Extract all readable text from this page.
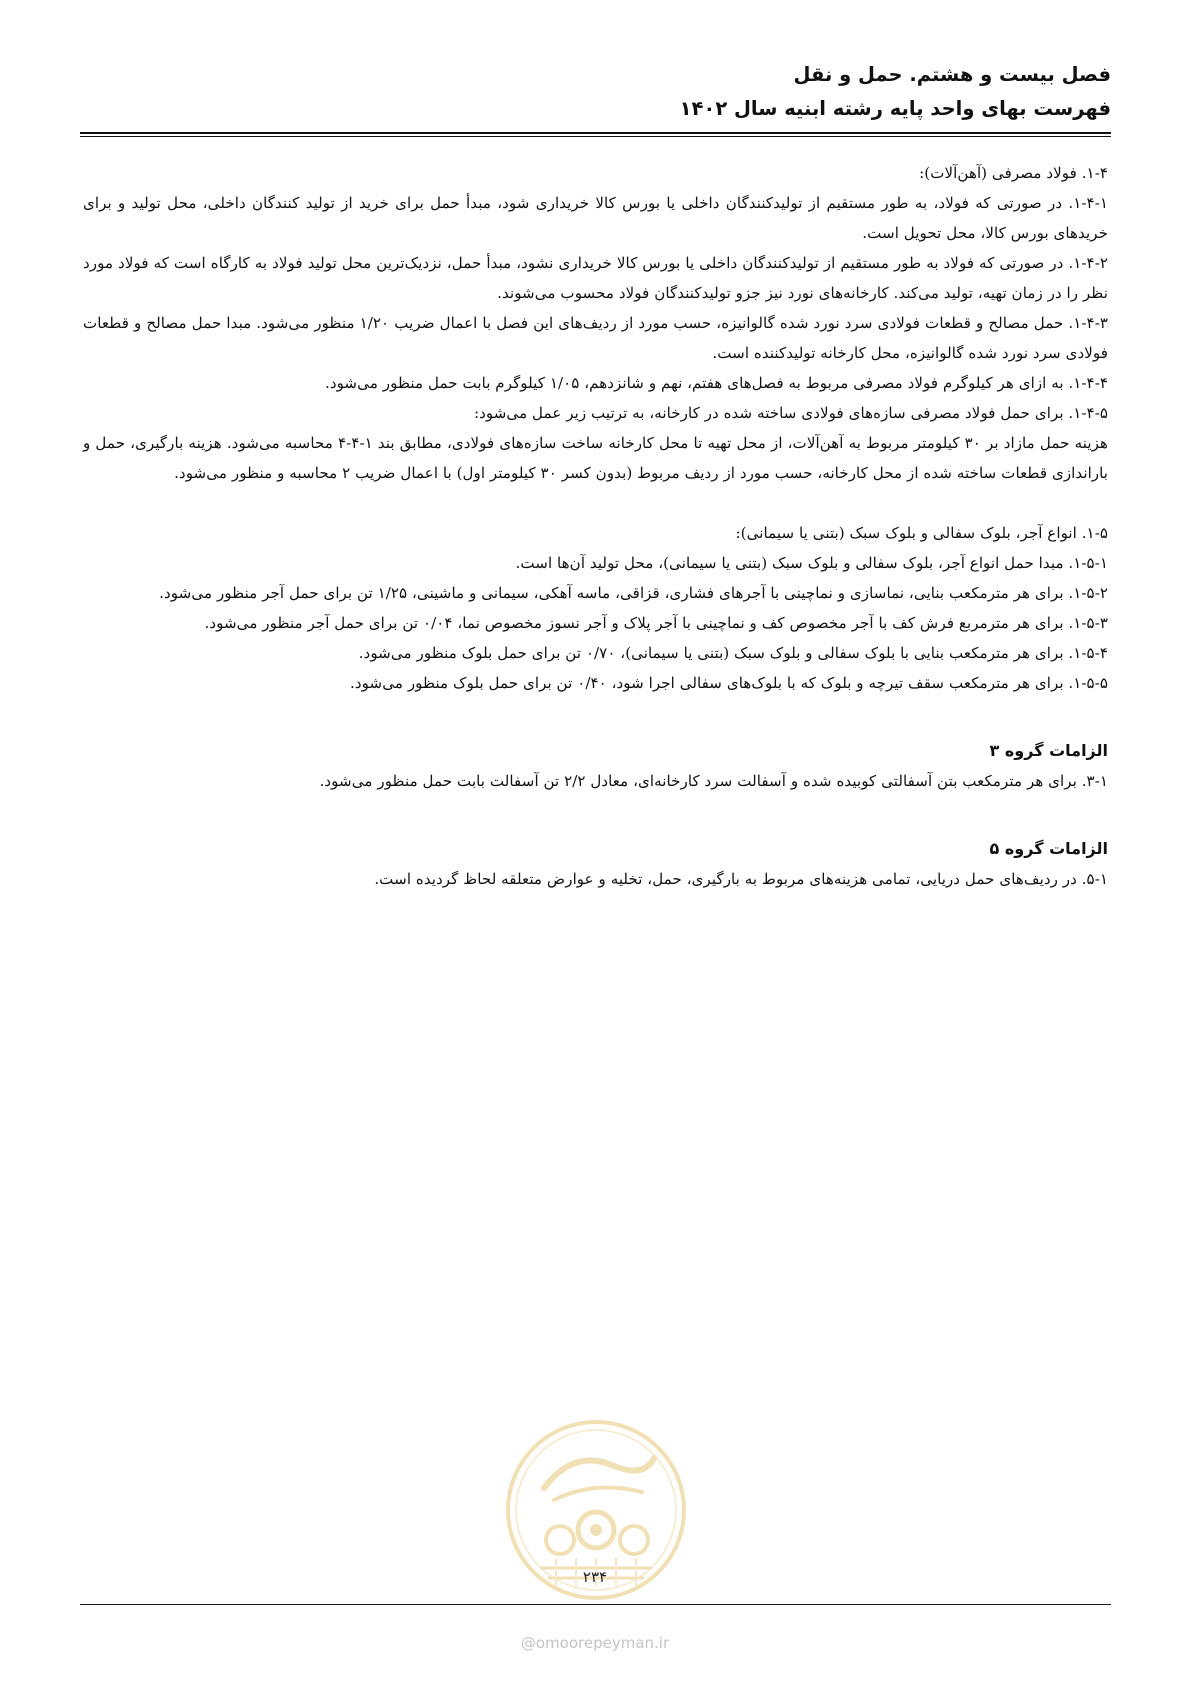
فصل بیست و هشتم. حمل و نقل
فهرست بهای واحد پایه رشته ابنیه سال ۱۴۰۲

۱-۴. فولاد مصرفی (آهن‌آلات):

۱-۴-۱. در صورتی که فولاد، به طور مستقیم از تولیدکنندگان داخلی یا بورس کالا خریداری شود، مبدأ حمل برای خرید از تولید کنندگان داخلی، محل تولید و برای خریدهای بورس کالا، محل تحویل است.

۱-۴-۲. در صورتی که فولاد به طور مستقیم از تولیدکنندگان داخلی یا بورس کالا خریداری نشود، مبدأ حمل، نزدیک‌ترین محل تولید فولاد به کارگاه است که فولاد مورد نظر را در زمان تهیه، تولید می‌کند. کارخانه‌های نورد نیز جزو تولیدکنندگان فولاد محسوب می‌شوند.

۱-۴-۳. حمل مصالح و قطعات فولادی سرد نورد شده گالوانیزه، حسب مورد از ردیف‌های این فصل با اعمال ضریب ۱/۲۰ منظور می‌شود. مبدا حمل مصالح و قطعات فولادی سرد نورد شده گالوانیزه، محل کارخانه تولیدکننده است.

۱-۴-۴. به ازای هر کیلوگرم فولاد مصرفی مربوط به فصل‌های هفتم، نهم و شانزدهم، ۱/۰۵ کیلوگرم بابت حمل منظور می‌شود.

۱-۴-۵. برای حمل فولاد مصرفی سازه‌های فولادی ساخته شده در کارخانه، به ترتیب زیر عمل می‌شود:

هزینه حمل مازاد بر ۳۰ کیلومتر مربوط به آهن‌آلات، از محل تهیه تا محل کارخانه ساخت سازه‌های فولادی، مطابق بند ۱-۴-۴ محاسبه می‌شود. هزینه بارگیری، حمل و باراندازی قطعات ساخته شده از محل کارخانه، حسب مورد از ردیف مربوط (بدون کسر ۳۰ کیلومتر اول) با اعمال ضریب ۲ محاسبه و منظور می‌شود.

۱-۵. انواع آجر، بلوک سفالی و بلوک سبک (بتنی یا سیمانی):

۱-۵-۱. مبدا حمل انواع آجر، بلوک سفالی و بلوک سبک (بتنی یا سیمانی)، محل تولید آن‌ها است.

۱-۵-۲. برای هر مترمکعب بنایی، نماسازی و نماچینی با آجرهای فشاری، قزاقی، ماسه آهکی، سیمانی و ماشینی، ۱/۲۵ تن برای حمل آجر منظور می‌شود.

۱-۵-۳. برای هر مترمربع فرش کف با آجر مخصوص کف و نماچینی با آجر پلاک و آجر نسوز مخصوص نما، ۰/۰۴ تن برای حمل آجر منظور می‌شود.

۱-۵-۴. برای هر مترمکعب بنایی با بلوک سفالی و بلوک سبک (بتنی یا سیمانی)، ۰/۷۰ تن برای حمل بلوک منظور می‌شود.

۱-۵-۵. برای هر مترمکعب سقف تیرچه و بلوک که با بلوک‌های سفالی اجرا شود، ۰/۴۰ تن برای حمل بلوک منظور می‌شود.

الزامات گروه ۳

۳-۱. برای هر مترمکعب بتن آسفالتی کوبیده شده و آسفالت سرد کارخانه‌ای، معادل ۲/۲ تن آسفالت بابت حمل منظور می‌شود.

الزامات گروه ۵

۵-۱. در ردیف‌های حمل دریایی، تمامی هزینه‌های مربوط به بارگیری، حمل، تخلیه و عوارض متعلقه لحاظ گردیده است.

۲۳۴
@omoorepeyman.ir
